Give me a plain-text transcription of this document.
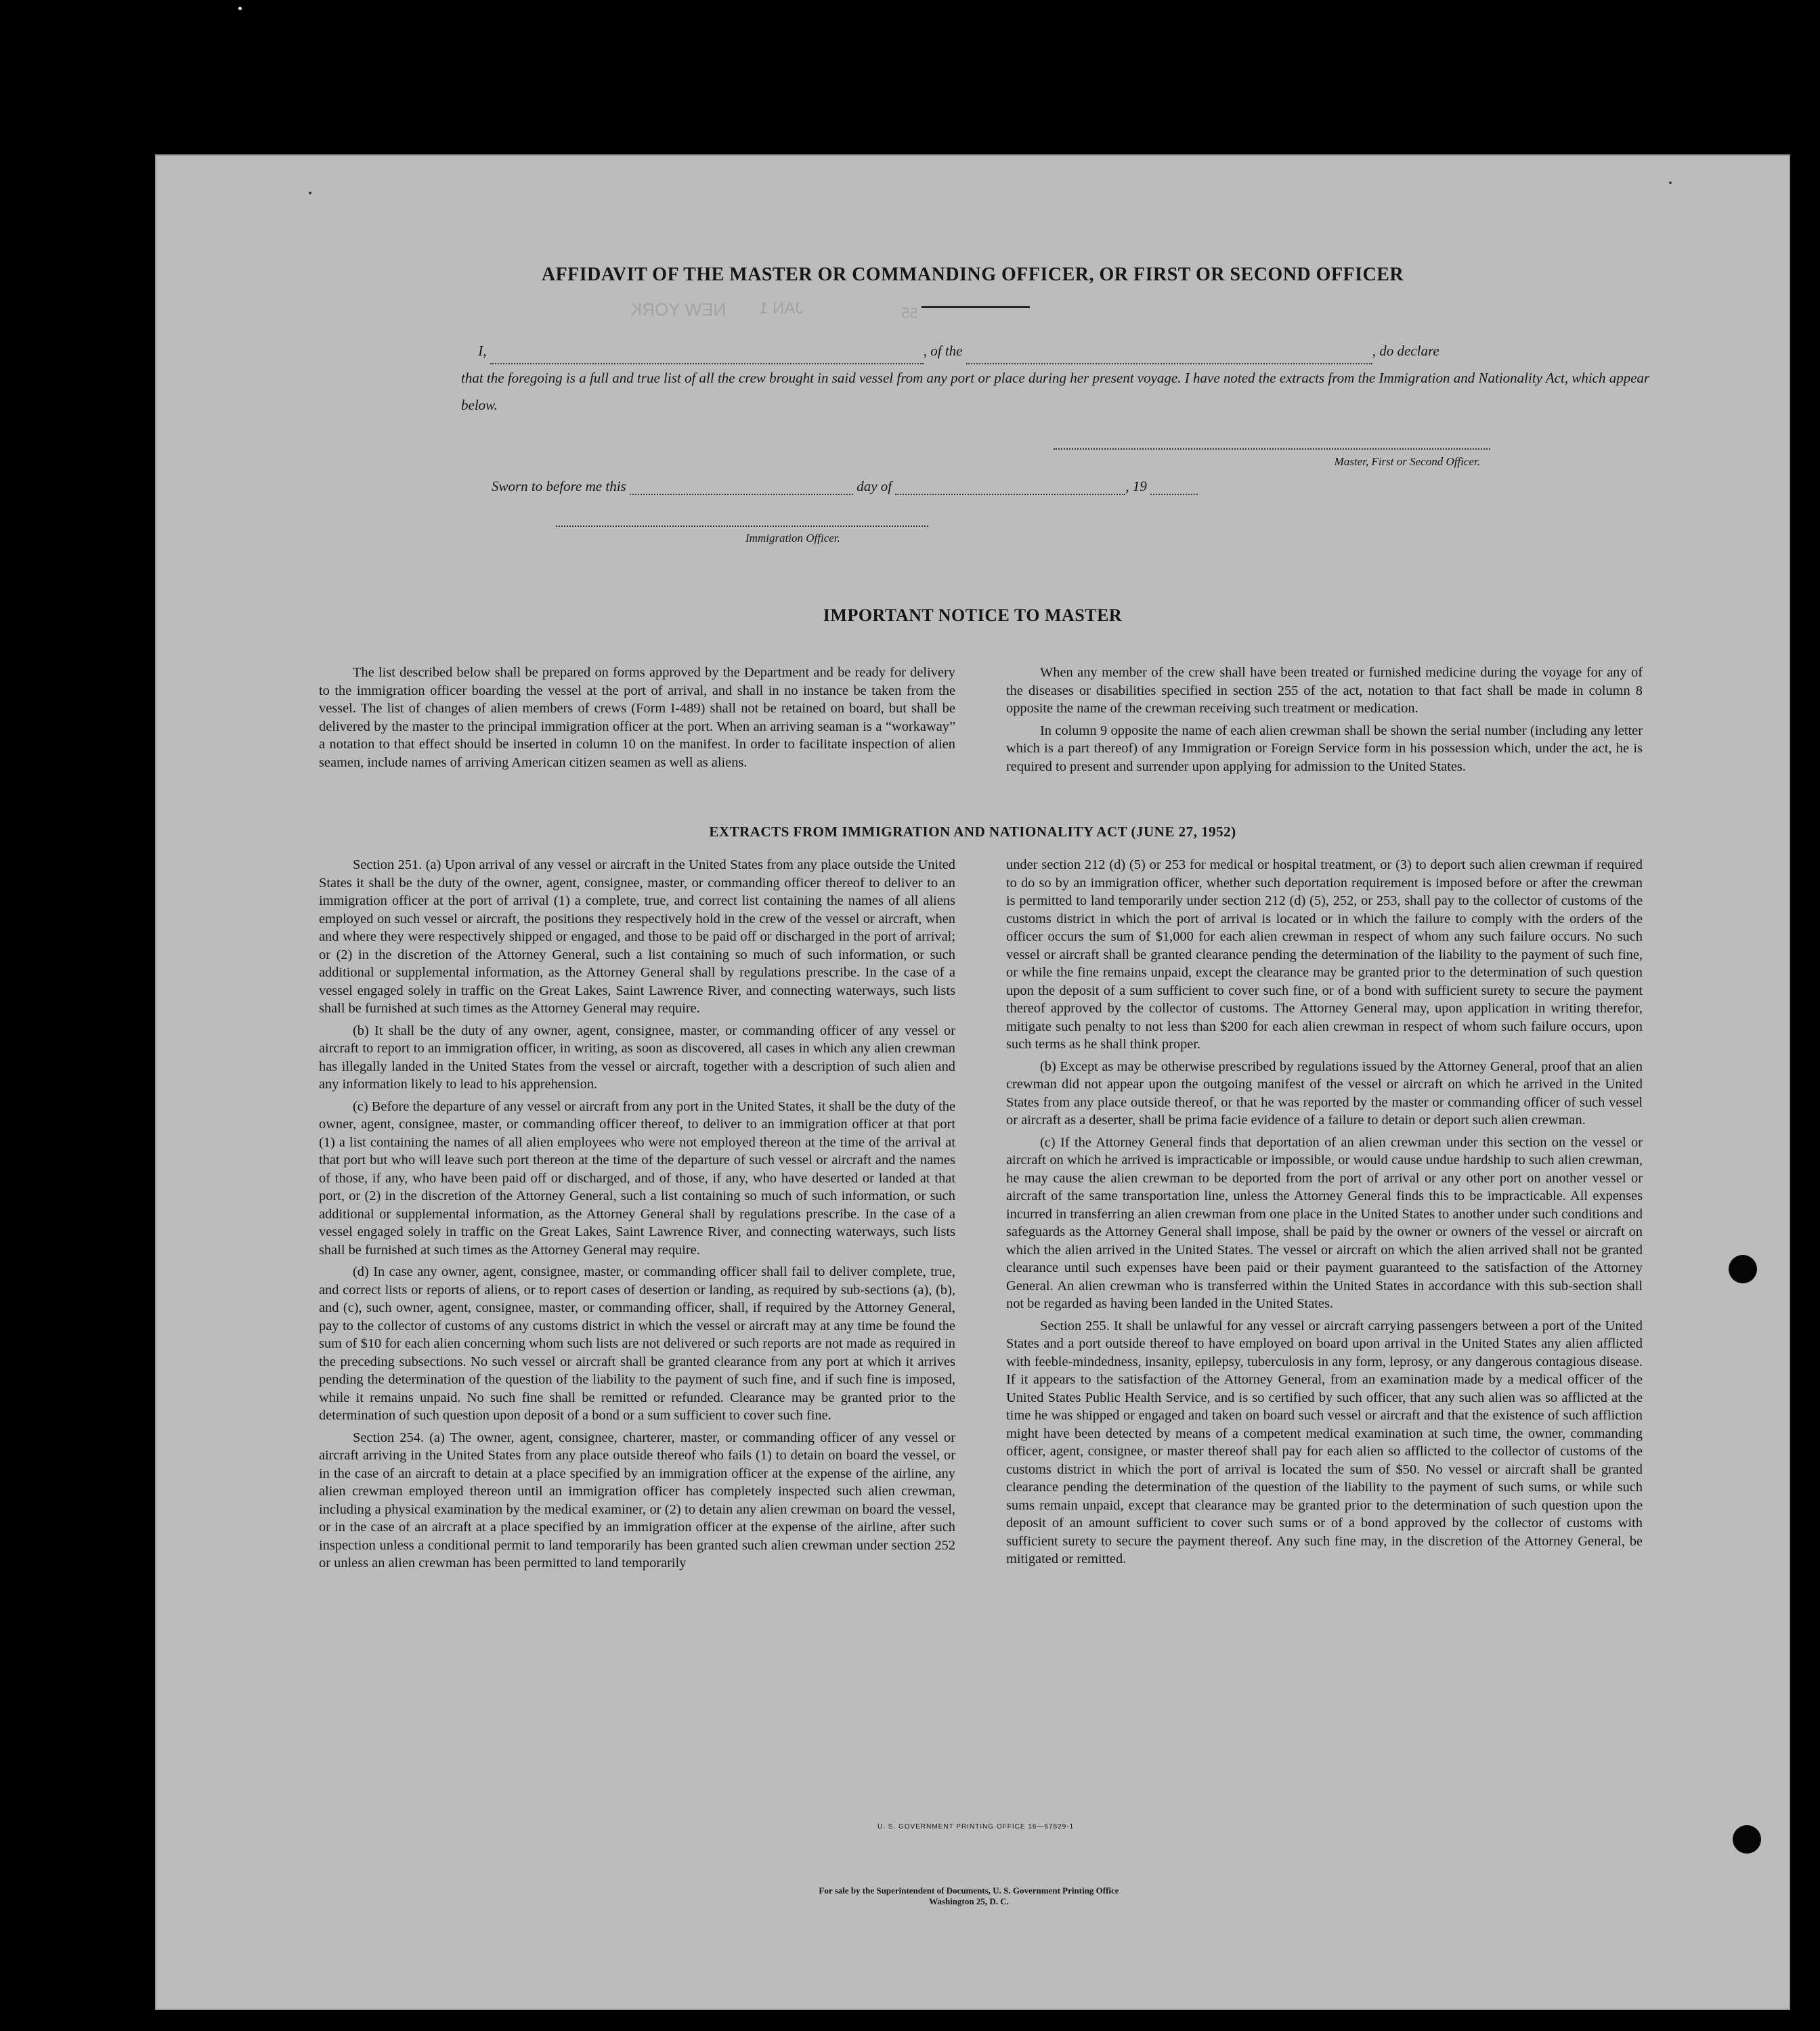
NEW YORK JAN 1	55
AFFIDAVIT OF THE MASTER OR COMMANDING OFFICER, OR FIRST OR SECOND OFFICER
I,	, of the	, do declare
that the foregoing is a full and true list of all the crew brought in said vessel from any port or place during her present voyage. I have noted the extracts from the Immigration and Nationality Act, which appear below.
Master, First or Second Officer.
Sworn to before me this	day of	, 19
Immigration Officer.
IMPORTANT NOTICE TO MASTER

The list described below shall be prepared on forms approved by the Department and be ready for delivery to the immigration officer boarding the vessel at the port of arrival, and shall in no instance be taken from the vessel. The list of changes of alien members of crews (Form I-489) shall not be retained on board, but shall be delivered by the master to the principal immigration officer at the port. When an arriving seaman is a “workaway” a notation to that effect should be inserted in column 10 on the manifest. In order to facilitate inspection of alien seamen, include names of arriving American citizen seamen as well as aliens.

When any member of the crew shall have been treated or furnished medicine during the voyage for any of the diseases or disabilities specified in section 255 of the act, notation to that fact shall be made in column 8 opposite the name of the crewman receiving such treatment or medication.

In column 9 opposite the name of each alien crewman shall be shown the serial number (including any letter which is a part thereof) of any Immigration or Foreign Service form in his possession which, under the act, he is required to present and surrender upon applying for admission to the United States.

EXTRACTS FROM IMMIGRATION AND NATIONALITY ACT (JUNE 27, 1952)

Section 251. (a) Upon arrival of any vessel or aircraft in the United States from any place outside the United States it shall be the duty of the owner, agent, consignee, master, or commanding officer thereof to deliver to an immigration officer at the port of arrival (1) a complete, true, and correct list containing the names of all aliens employed on such vessel or aircraft, the positions they respectively hold in the crew of the vessel or aircraft, when and where they were respectively shipped or engaged, and those to be paid off or discharged in the port of arrival; or (2) in the discretion of the Attorney General, such a list containing so much of such information, or such additional or supplemental information, as the Attorney General shall by regulations prescribe. In the case of a vessel engaged solely in traffic on the Great Lakes, Saint Lawrence River, and connecting waterways, such lists shall be furnished at such times as the Attorney General may require.

(b) It shall be the duty of any owner, agent, consignee, master, or commanding officer of any vessel or aircraft to report to an immigration officer, in writing, as soon as discovered, all cases in which any alien crewman has illegally landed in the United States from the vessel or aircraft, together with a description of such alien and any information likely to lead to his apprehension.

(c) Before the departure of any vessel or aircraft from any port in the United States, it shall be the duty of the owner, agent, consignee, master, or commanding officer thereof, to deliver to an immigration officer at that port (1) a list containing the names of all alien employees who were not employed thereon at the time of the arrival at that port but who will leave such port thereon at the time of the departure of such vessel or aircraft and the names of those, if any, who have been paid off or discharged, and of those, if any, who have deserted or landed at that port, or (2) in the discretion of the Attorney General, such a list containing so much of such information, or such additional or supplemental information, as the Attorney General shall by regulations prescribe. In the case of a vessel engaged solely in traffic on the Great Lakes, Saint Lawrence River, and connecting waterways, such lists shall be furnished at such times as the Attorney General may require.

(d) In case any owner, agent, consignee, master, or commanding officer shall fail to deliver complete, true, and correct lists or reports of aliens, or to report cases of desertion or landing, as required by sub-sections (a), (b), and (c), such owner, agent, consignee, master, or commanding officer, shall, if required by the Attorney General, pay to the collector of customs of any customs district in which the vessel or aircraft may at any time be found the sum of $10 for each alien concerning whom such lists are not delivered or such reports are not made as required in the preceding subsections. No such vessel or aircraft shall be granted clearance from any port at which it arrives pending the determination of the question of the liability to the payment of such fine, and if such fine is imposed, while it remains unpaid. No such fine shall be remitted or refunded. Clearance may be granted prior to the determination of such question upon deposit of a bond or a sum sufficient to cover such fine.

Section 254. (a) The owner, agent, consignee, charterer, master, or commanding officer of any vessel or aircraft arriving in the United States from any place outside thereof who fails (1) to detain on board the vessel, or in the case of an aircraft to detain at a place specified by an immigration officer at the expense of the airline, any alien crewman employed thereon until an immigration officer has completely inspected such alien crewman, including a physical examination by the medical examiner, or (2) to detain any alien crewman on board the vessel, or in the case of an aircraft at a place specified by an immigration officer at the expense of the airline, after such inspection unless a conditional permit to land temporarily has been granted such alien crewman under section 252 or unless an alien crewman has been permitted to land temporarily

under section 212 (d) (5) or 253 for medical or hospital treatment, or (3) to deport such alien crewman if required to do so by an immigration officer, whether such deportation requirement is imposed before or after the crewman is permitted to land temporarily under section 212 (d) (5), 252, or 253, shall pay to the collector of customs of the customs district in which the port of arrival is located or in which the failure to comply with the orders of the officer occurs the sum of $1,000 for each alien crewman in respect of whom any such failure occurs. No such vessel or aircraft shall be granted clearance pending the determination of the liability to the payment of such fine, or while the fine remains unpaid, except the clearance may be granted prior to the determination of such question upon the deposit of a sum sufficient to cover such fine, or of a bond with sufficient surety to secure the payment thereof approved by the collector of customs. The Attorney General may, upon application in writing therefor, mitigate such penalty to not less than $200 for each alien crewman in respect of whom such failure occurs, upon such terms as he shall think proper.

(b) Except as may be otherwise prescribed by regulations issued by the Attorney General, proof that an alien crewman did not appear upon the outgoing manifest of the vessel or aircraft on which he arrived in the United States from any place outside thereof, or that he was reported by the master or commanding officer of such vessel or aircraft as a deserter, shall be prima facie evidence of a failure to detain or deport such alien crewman.

(c) If the Attorney General finds that deportation of an alien crewman under this section on the vessel or aircraft on which he arrived is impracticable or impossible, or would cause undue hardship to such alien crewman, he may cause the alien crewman to be deported from the port of arrival or any other port on another vessel or aircraft of the same transportation line, unless the Attorney General finds this to be impracticable. All expenses incurred in transferring an alien crewman from one place in the United States to another under such conditions and safeguards as the Attorney General shall impose, shall be paid by the owner or owners of the vessel or aircraft on which the alien arrived in the United States. The vessel or aircraft on which the alien arrived shall not be granted clearance until such expenses have been paid or their payment guaranteed to the satisfaction of the Attorney General. An alien crewman who is transferred within the United States in accordance with this sub-section shall not be regarded as having been landed in the United States.

Section 255. It shall be unlawful for any vessel or aircraft carrying passengers between a port of the United States and a port outside thereof to have employed on board upon arrival in the United States any alien afflicted with feeble-mindedness, insanity, epilepsy, tuberculosis in any form, leprosy, or any dangerous contagious disease. If it appears to the satisfaction of the Attorney General, from an examination made by a medical officer of the United States Public Health Service, and is so certified by such officer, that any such alien was so afflicted at the time he was shipped or engaged and taken on board such vessel or aircraft and that the existence of such affliction might have been detected by means of a competent medical examination at such time, the owner, commanding officer, agent, consignee, or master thereof shall pay for each alien so afflicted to the collector of customs of the customs district in which the port of arrival is located the sum of $50. No vessel or aircraft shall be granted clearance pending the determination of the question of the liability to the payment of such sums, or while such sums remain unpaid, except that clearance may be granted prior to the determination of such question upon the deposit of an amount sufficient to cover such sums or of a bond approved by the collector of customs with sufficient surety to secure the payment thereof. Any such fine may, in the discretion of the Attorney General, be mitigated or remitted.

U. S. GOVERNMENT PRINTING OFFICE 16—67829-1
For sale by the Superintendent of Documents, U. S. Government Printing Office
Washington 25, D. C.
